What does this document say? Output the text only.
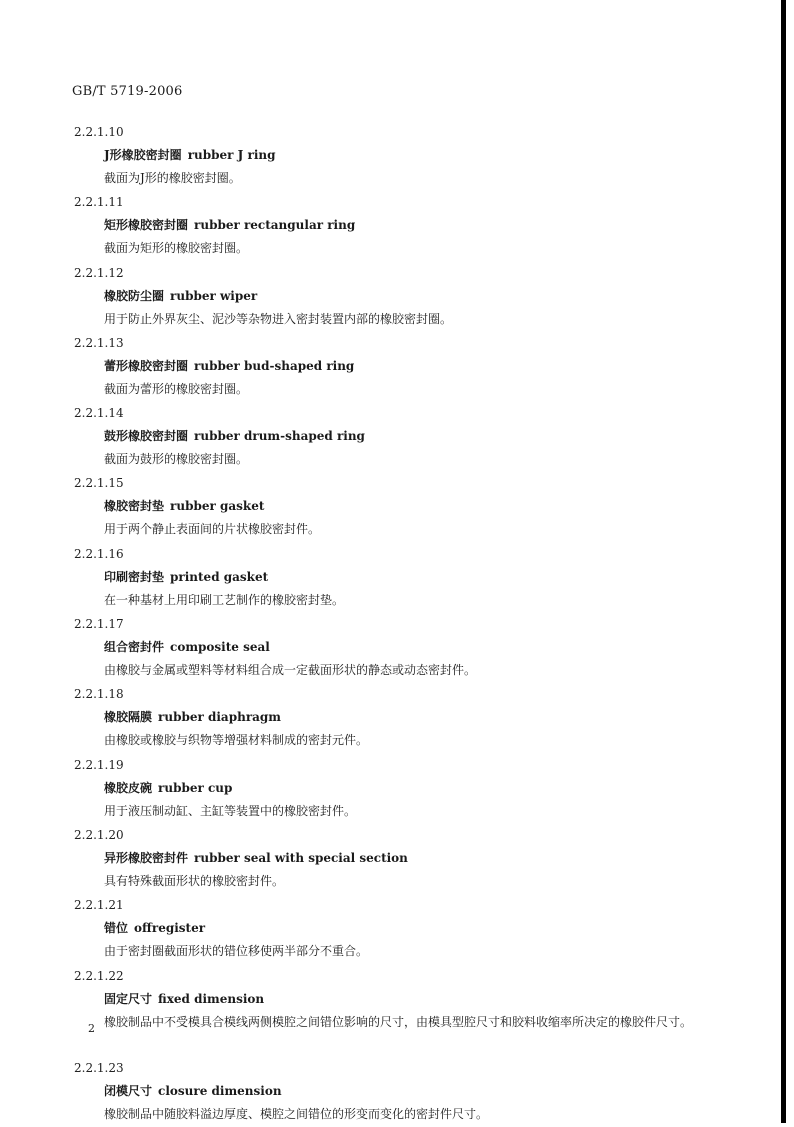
GB/T 5719-2006
2.2.1.10
J形橡胶密封圈 rubber J ring
截面为J形的橡胶密封圈。
2.2.1.11
矩形橡胶密封圈 rubber rectangular ring
截面为矩形的橡胶密封圈。
2.2.1.12
橡胶防尘圈 rubber wiper
用于防止外界灰尘、泥沙等杂物进入密封装置内部的橡胶密封圈。
2.2.1.13
蕾形橡胶密封圈 rubber bud-shaped ring
截面为蕾形的橡胶密封圈。
2.2.1.14
鼓形橡胶密封圈 rubber drum-shaped ring
截面为鼓形的橡胶密封圈。
2.2.1.15
橡胶密封垫 rubber gasket
用于两个静止表面间的片状橡胶密封件。
2.2.1.16
印刷密封垫 printed gasket
在一种基材上用印刷工艺制作的橡胶密封垫。
2.2.1.17
组合密封件 composite seal
由橡胶与金属或塑料等材料组合成一定截面形状的静态或动态密封件。
2.2.1.18
橡胶隔膜 rubber diaphragm
由橡胶或橡胶与织物等增强材料制成的密封元件。
2.2.1.19
橡胶皮碗 rubber cup
用于液压制动缸、主缸等装置中的橡胶密封件。
2.2.1.20
异形橡胶密封件 rubber seal with special section
具有特殊截面形状的橡胶密封件。
2.2.1.21
错位 offregister
由于密封圈截面形状的错位移使两半部分不重合。
2.2.1.22
固定尺寸 fixed dimension
橡胶制品中不受模具合模线两侧模腔之间错位影响的尺寸，由模具型腔尺寸和胶料收缩率所决定的橡胶件尺寸。
2.2.1.23
闭模尺寸 closure dimension
橡胶制品中随胶料溢边厚度、模腔之间错位的形变而变化的密封件尺寸。
2
